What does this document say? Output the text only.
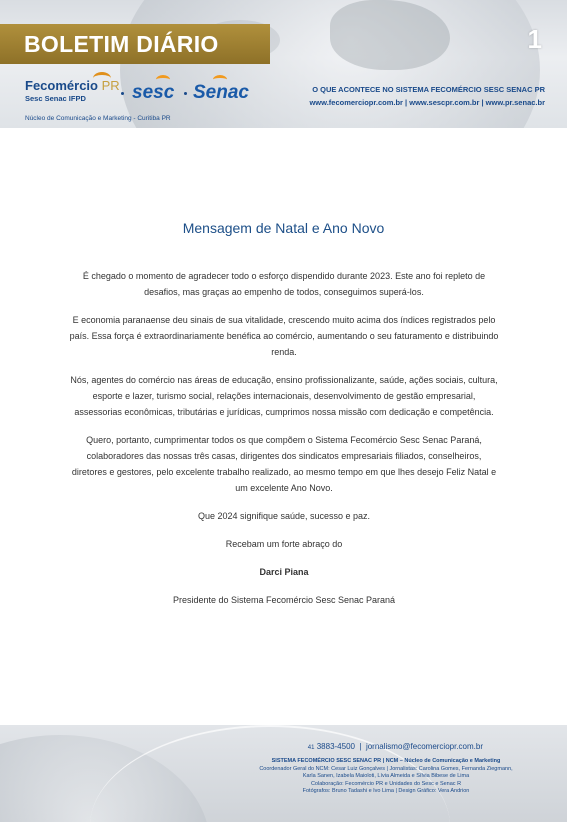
BOLETIM DIÁRIO	1
Fecomércio PR
Sesc Senac IFPD	sesc Senac
Núcleo de Comunicação e Marketing - Curitiba PR
O QUE ACONTECE NO SISTEMA FECOMÉRCIO SESC SENAC PR
www.fecomerciopr.com.br | www.sescpr.com.br | www.pr.senac.br
Mensagem de Natal e Ano Novo

É chegado o momento de agradecer todo o esforço dispendido durante 2023. Este ano foi repleto de desafios, mas graças ao empenho de todos, conseguimos superá-los.

E economia paranaense deu sinais de sua vitalidade, crescendo muito acima dos índices registrados pelo país. Essa força é extraordinariamente benéfica ao comércio, aumentando o seu faturamento e distribuindo renda.

Nós, agentes do comércio nas áreas de educação, ensino profissionalizante, saúde, ações sociais, cultura, esporte e lazer, turismo social, relações internacionais, desenvolvimento de gestão empresarial, assessorias econômicas, tributárias e jurídicas, cumprimos nossa missão com dedicação e competência.

Quero, portanto, cumprimentar todos os que compõem o Sistema Fecomércio Sesc Senac Paraná, colaboradores das nossas três casas, dirigentes dos sindicatos empresariais filiados, conselheiros, diretores e gestores, pelo excelente trabalho realizado, ao mesmo tempo em que lhes desejo Feliz Natal e um excelente Ano Novo.

Que 2024 signifique saúde, sucesso e paz.

Recebam um forte abraço do

Darci Piana

Presidente do Sistema Fecomércio Sesc Senac Paraná

41 3883-4500  |  jornalismo@fecomerciopr.com.br
SISTEMA FECOMÉRCIO SESC SENAC PR | NCM – Núcleo de Comunicação e Marketing
Coordenador Geral do NCM: Cesar Luiz Gonçalves | Jornalistas: Carolina Gomes, Fernanda Ziegmann,
Karla Sanen, Izabela Maioloti, Lívia Almeida e Sílvia Bibese de Lima
Colaboração: Fecomércio PR e Unidades do Sesc e Senac R
Fotógrafos: Bruno Tadashi e Ivo Lima | Design Gráfico: Vera Andrion
